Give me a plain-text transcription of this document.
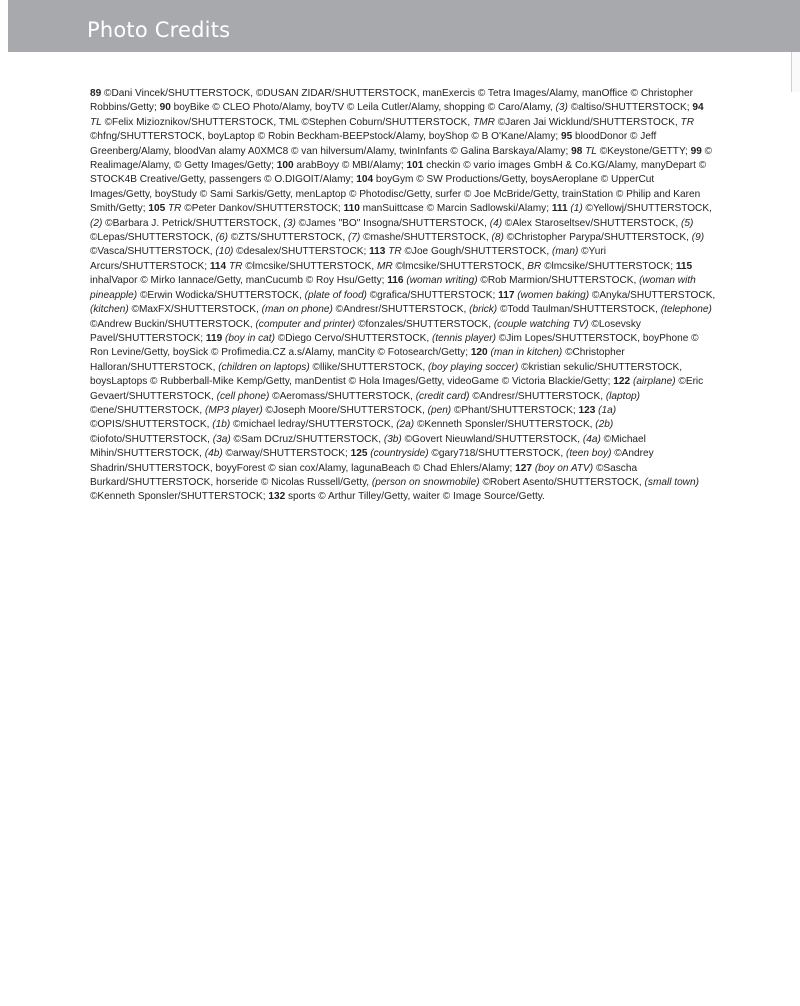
Photo Credits

89 ©Dani Vincek/SHUTTERSTOCK, ©DUSAN ZIDAR/SHUTTERSTOCK, manExercis © Tetra Images/Alamy, manOffice © Christopher Robbins/Getty; 90 boyBike © CLEO Photo/Alamy, boyTV © Leila Cutler/Alamy, shopping © Caro/Alamy, (3) ©altiso/SHUTTERSTOCK; 94 TL ©Felix Mizioznikov/SHUTTERSTOCK, TML ©Stephen Coburn/SHUTTERSTOCK, TMR ©Jaren Jai Wicklund/SHUTTERSTOCK, TR ©hfng/SHUTTERSTOCK, boyLaptop © Robin Beckham-BEEPstock/Alamy, boyShop © B O'Kane/Alamy; 95 bloodDonor © Jeff Greenberg/Alamy, bloodVan alamy A0XMC8 © van hilversum/Alamy, twinInfants © Galina Barskaya/Alamy; 98 TL ©Keystone/GETTY; 99 © Realimage/Alamy, © Getty Images/Getty; 100 arabBoyy © MBI/Alamy; 101 checkin © vario images GmbH & Co.KG/Alamy, manyDepart © STOCK4B Creative/Getty, passengers © O.DIGOIT/Alamy; 104 boyGym © SW Productions/Getty, boysAeroplane © UpperCut Images/Getty, boyStudy © Sami Sarkis/Getty, menLaptop © Photodisc/Getty, surfer © Joe McBride/Getty, trainStation © Philip and Karen Smith/Getty; 105 TR ©Peter Dankov/SHUTTERSTOCK; 110 manSuittcase © Marcin Sadlowski/Alamy; 111 (1) ©Yellowj/SHUTTERSTOCK, (2) ©Barbara J. Petrick/SHUTTERSTOCK, (3) ©James "BO" Insogna/SHUTTERSTOCK, (4) ©Alex Staroseltsev/SHUTTERSTOCK, (5) ©Lepas/SHUTTERSTOCK, (6) ©ZTS/SHUTTERSTOCK, (7) ©mashe/SHUTTERSTOCK, (8) ©Christopher Parypa/SHUTTERSTOCK, (9) ©Vasca/SHUTTERSTOCK, (10) ©desalex/SHUTTERSTOCK; 113 TR ©Joe Gough/SHUTTERSTOCK, (man) ©Yuri Arcurs/SHUTTERSTOCK; 114 TR ©lmcsike/SHUTTERSTOCK, MR ©lmcsike/SHUTTERSTOCK, BR ©lmcsike/SHUTTERSTOCK; 115 inhalVapor © Mirko Iannace/Getty, manCucumb © Roy Hsu/Getty; 116 (woman writing) ©Rob Marmion/SHUTTERSTOCK, (woman with pineapple) ©Erwin Wodicka/SHUTTERSTOCK, (plate of food) ©grafica/SHUTTERSTOCK; 117 (women baking) ©Anyka/SHUTTERSTOCK, (kitchen) ©MaxFX/SHUTTERSTOCK, (man on phone) ©Andresr/SHUTTERSTOCK, (brick) ©Todd Taulman/SHUTTERSTOCK, (telephone) ©Andrew Buckin/SHUTTERSTOCK, (computer and printer) ©fonzales/SHUTTERSTOCK, (couple watching TV) ©Losevsky Pavel/SHUTTERSTOCK; 119 (boy in cat) ©Diego Cervo/SHUTTERSTOCK, (tennis player) ©Jim Lopes/SHUTTERSTOCK, boyPhone © Ron Levine/Getty, boySick © Profimedia.CZ a.s/Alamy, manCity © Fotosearch/Getty; 120 (man in kitchen) ©Christopher Halloran/SHUTTERSTOCK, (children on laptops) ©llike/SHUTTERSTOCK, (boy playing soccer) ©kristian sekulic/SHUTTERSTOCK, boysLaptops © Rubberball-Mike Kemp/Getty, manDentist © Hola Images/Getty, videoGame © Victoria Blackie/Getty; 122 (airplane) ©Eric Gevaert/SHUTTERSTOCK, (cell phone) ©Aeromass/SHUTTERSTOCK, (credit card) ©Andresr/SHUTTERSTOCK, (laptop) ©ene/SHUTTERSTOCK, (MP3 player) ©Joseph Moore/SHUTTERSTOCK, (pen) ©Phant/SHUTTERSTOCK; 123 (1a) ©OPIS/SHUTTERSTOCK, (1b) ©michael ledray/SHUTTERSTOCK, (2a) ©Kenneth Sponsler/SHUTTERSTOCK, (2b) ©iofoto/SHUTTERSTOCK, (3a) ©Sam DCruz/SHUTTERSTOCK, (3b) ©Govert Nieuwland/SHUTTERSTOCK, (4a) ©Michael Mihin/SHUTTERSTOCK, (4b) ©arway/SHUTTERSTOCK; 125 (countryside) ©gary718/SHUTTERSTOCK, (teen boy) ©Andrey Shadrin/SHUTTERSTOCK, boyyForest © sian cox/Alamy, lagunaBeach © Chad Ehlers/Alamy; 127 (boy on ATV) ©Sascha Burkard/SHUTTERSTOCK, horseride © Nicolas Russell/Getty, (person on snowmobile) ©Robert Asento/SHUTTERSTOCK, (small town) ©Kenneth Sponsler/SHUTTERSTOCK; 132 sports © Arthur Tilley/Getty, waiter © Image Source/Getty.
